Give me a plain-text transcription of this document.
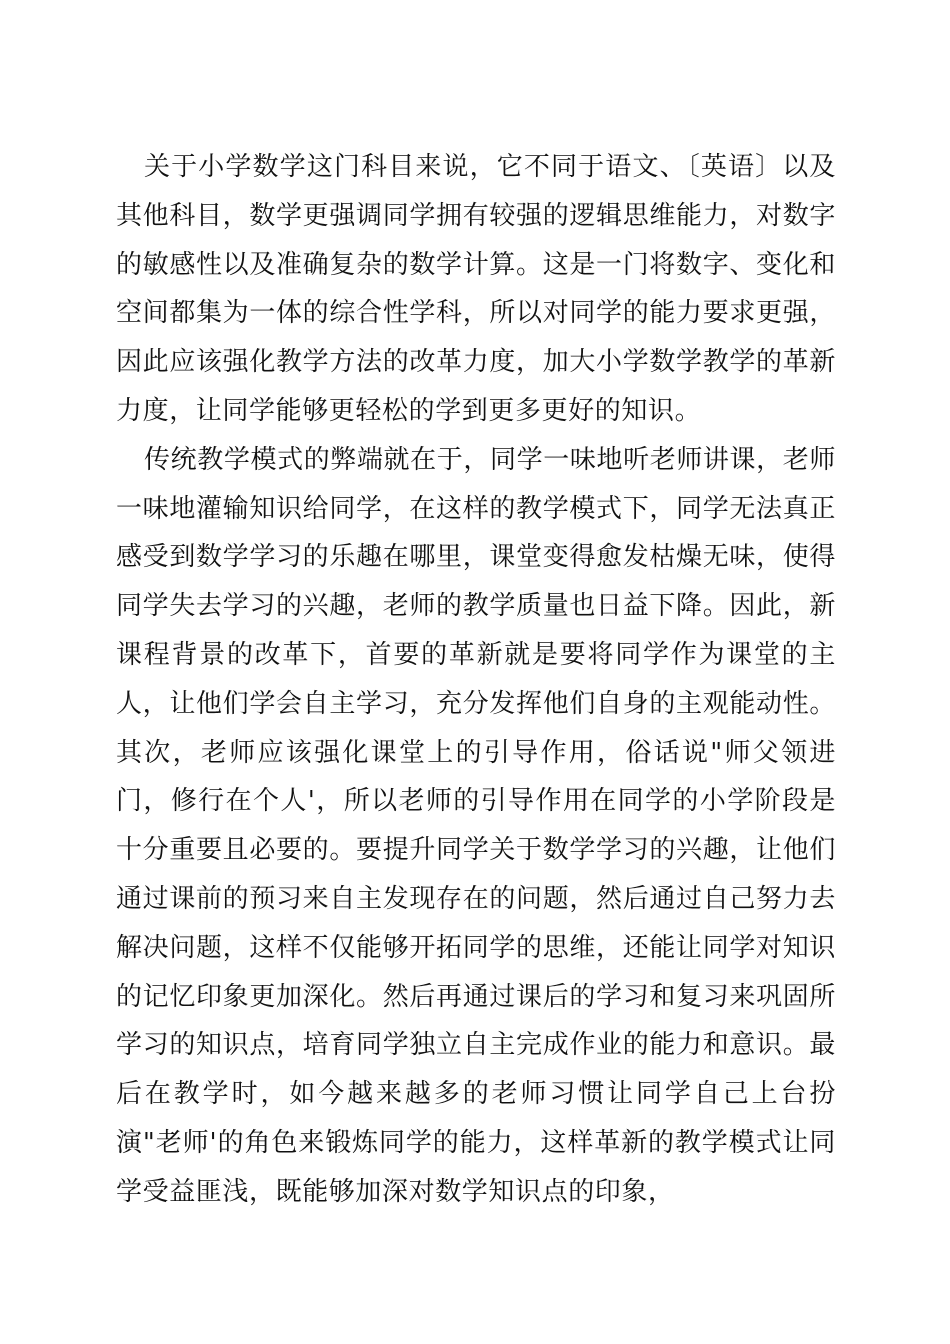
关于小学数学这门科目来说，它不同于语文、〔英语〕以及其他科目，数学更强调同学拥有较强的逻辑思维能力，对数字的敏感性以及准确复杂的数学计算。这是一门将数字、变化和空间都集为一体的综合性学科，所以对同学的能力要求更强，因此应该强化教学方法的改革力度，加大小学数学教学的革新力度，让同学能够更轻松的学到更多更好的知识。

传统教学模式的弊端就在于，同学一味地听老师讲课，老师一味地灌输知识给同学，在这样的教学模式下，同学无法真正感受到数学学习的乐趣在哪里，课堂变得愈发枯燥无味，使得同学失去学习的兴趣，老师的教学质量也日益下降。因此，新课程背景的改革下，首要的革新就是要将同学作为课堂的主人，让他们学会自主学习，充分发挥他们自身的主观能动性。其次，老师应该强化课堂上的引导作用，俗话说"师父领进门，修行在个人'，所以老师的引导作用在同学的小学阶段是十分重要且必要的。要提升同学关于数学学习的兴趣，让他们通过课前的预习来自主发现存在的问题，然后通过自己努力去解决问题，这样不仅能够开拓同学的思维，还能让同学对知识的记忆印象更加深化。然后再通过课后的学习和复习来巩固所学习的知识点，培育同学独立自主完成作业的能力和意识。最后在教学时，如今越来越多的老师习惯让同学自己上台扮演"老师'的角色来锻炼同学的能力，这样革新的教学模式让同学受益匪浅，既能够加深对数学知识点的印象，
